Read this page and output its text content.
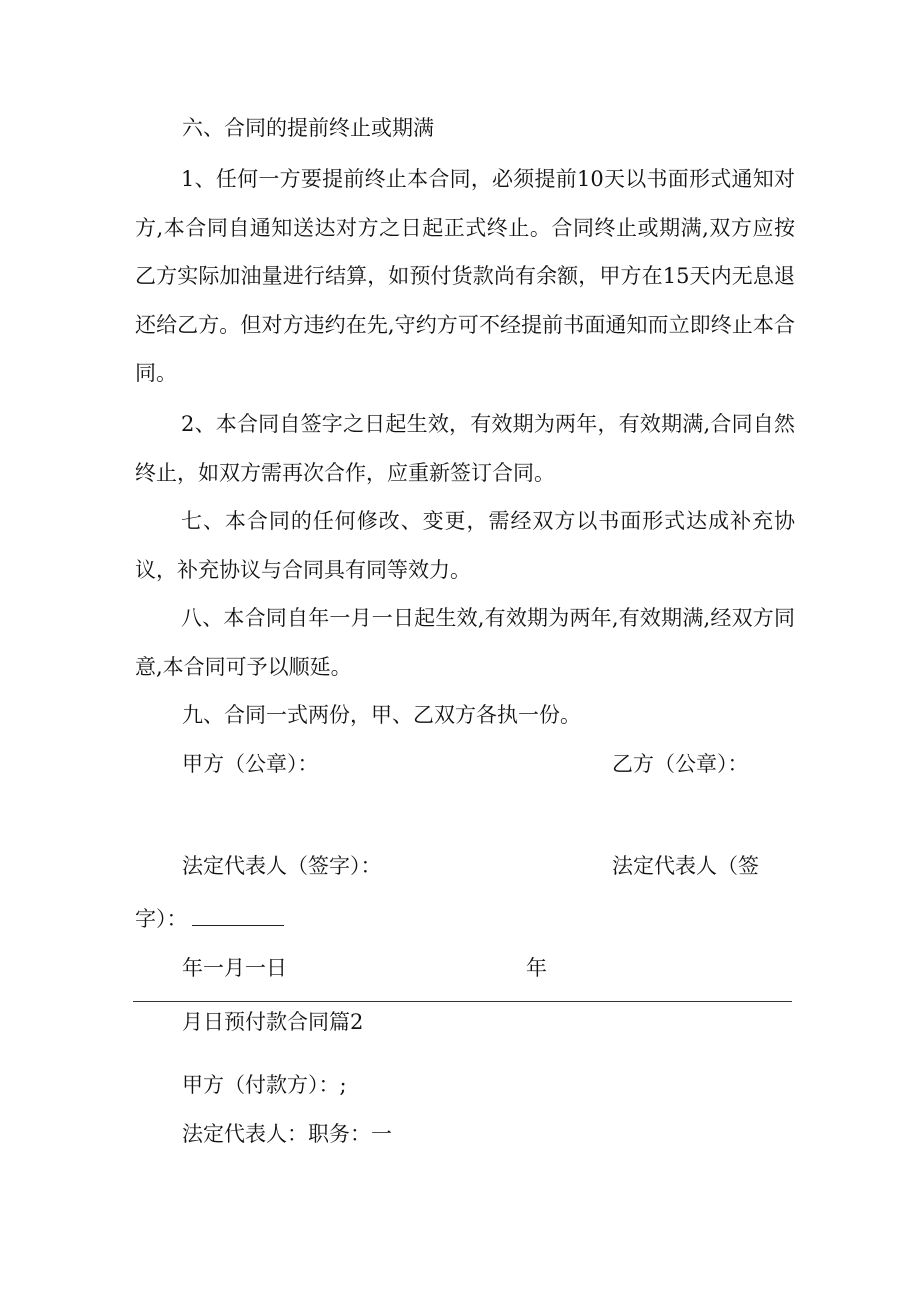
六、合同的提前终止或期满

1、任何一方要提前终止本合同，必须提前10天以书面形式通知对方,本合同自通知送达对方之日起正式终止。合同终止或期满,双方应按乙方实际加油量进行结算，如预付货款尚有余额，甲方在15天内无息退还给乙方。但对方违约在先,守约方可不经提前书面通知而立即终止本合同。

2、本合同自签字之日起生效，有效期为两年，有效期满,合同自然终止，如双方需再次合作，应重新签订合同。

七、本合同的任何修改、变更，需经双方以书面形式达成补充协议，补充协议与合同具有同等效力。

八、本合同自年一月一日起生效,有效期为两年,有效期满,经双方同意,本合同可予以顺延。

九、合同一式两份，甲、乙双方各执一份。

甲方（公章）：	乙方（公章）：

法定代表人（签字）：	法定代表人（签

字）：

年一月一日	年

月日预付款合同篇2

甲方（付款方）：;

法定代表人：职务：一
